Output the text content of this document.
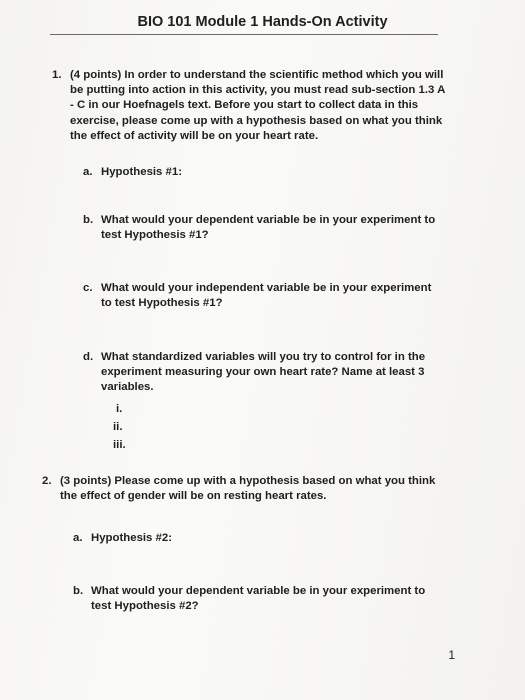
BIO 101 Module 1 Hands-On Activity
1. (4 points) In order to understand the scientific method which you will
be putting into action in this activity, you must read sub-section 1.3 A
- C in our Hoefnagels text. Before you start to collect data in this
exercise, please come up with a hypothesis based on what you think
the effect of activity will be on your heart rate.
a. Hypothesis #1:
b. What would your dependent variable be in your experiment to
test Hypothesis #1?
c. What would your independent variable be in your experiment
to test Hypothesis #1?
d. What standardized variables will you try to control for in the
experiment measuring your own heart rate? Name at least 3
variables.
i.
ii.
iii.
2. (3 points) Please come up with a hypothesis based on what you think
the effect of gender will be on resting heart rates.
a. Hypothesis #2:
b. What would your dependent variable be in your experiment to
test Hypothesis #2?
1
